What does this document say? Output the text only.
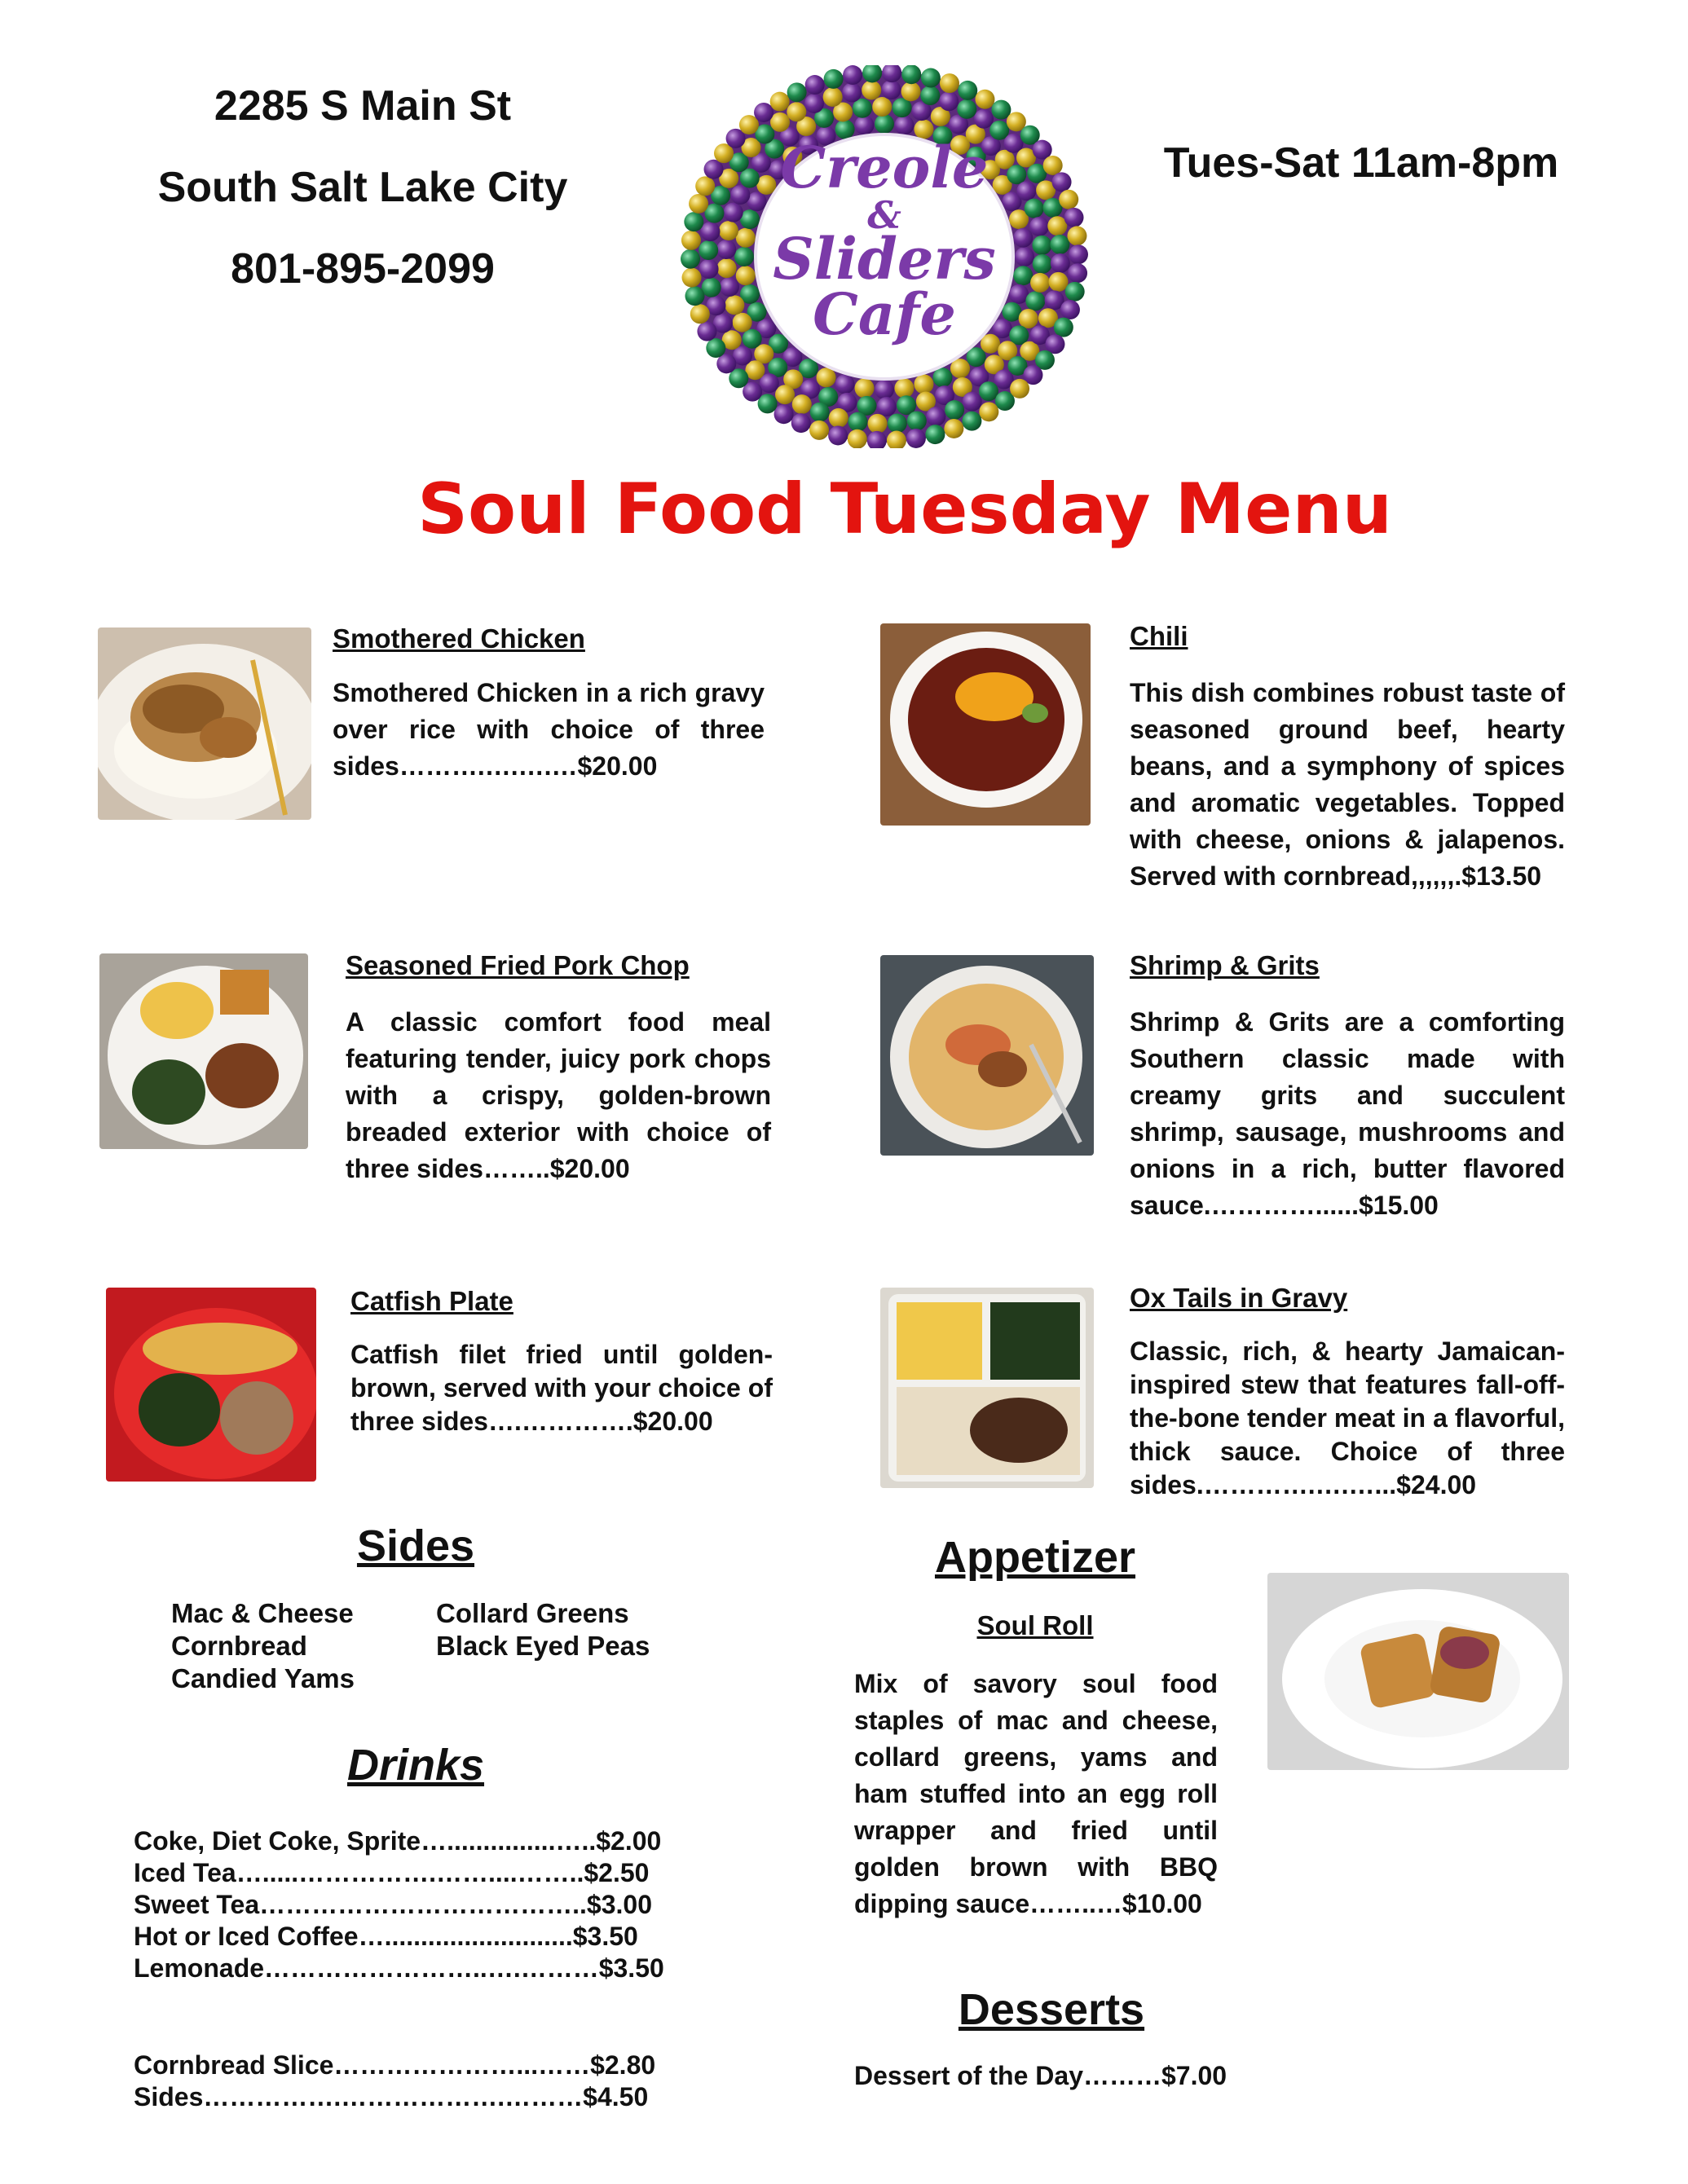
2285 S Main St
South Salt Lake City
801-895-2099
Creole
&
Sliders
Cafe
Tues-Sat 11am-8pm
Soul Food Tuesday Menu
Smothered Chicken
Smothered Chicken in a rich gravy over rice with choice of three sides……….….….…$20.00
Seasoned Fried Pork Chop
A classic comfort food meal featuring tender, juicy pork chops with a crispy, golden-brown breaded exterior with choice of three sides……..$20.00
Catfish Plate
Catfish filet fried until golden-brown, served with your choice of three sides….………….$20.00
Chili
This dish combines robust taste of seasoned ground beef, hearty beans, and a symphony of spices and aromatic vegetables. Topped with cheese, onions & jalapenos. Served with cornbread,,,,,,.$13.50
Shrimp & Grits
Shrimp & Grits are a comforting Southern classic made with creamy grits and succulent shrimp, sausage, mushrooms and onions in a rich, butter flavored sauce.…………......$15.00
Ox Tails in Gravy
Classic, rich, & hearty Jamaican-inspired stew that features fall-off-the-bone tender meat in a flavorful, thick sauce. Choice of three sides.………….….…...$24.00
Sides
Mac & Cheese
Cornbread
Candied Yams
Collard Greens
Black Eyed Peas
Drinks
Coke, Diet Coke, Sprite…...............…..$2.00
Iced Tea….....…………….……....……..$2.50
Sweet Tea………………………………..$3.00
Hot or Iced Coffee…..........................$3.50
Lemonade……………………..….………$3.50
Cornbread Slice…………………...……$2.80
Sides…………….……………….………$4.50
Appetizer
Soul Roll
Mix of savory soul food staples of mac and cheese, collard greens, yams and ham stuffed into an egg roll wrapper and fried until golden brown with BBQ dipping sauce……..…$10.00
Desserts
Dessert of the Day………$7.00
